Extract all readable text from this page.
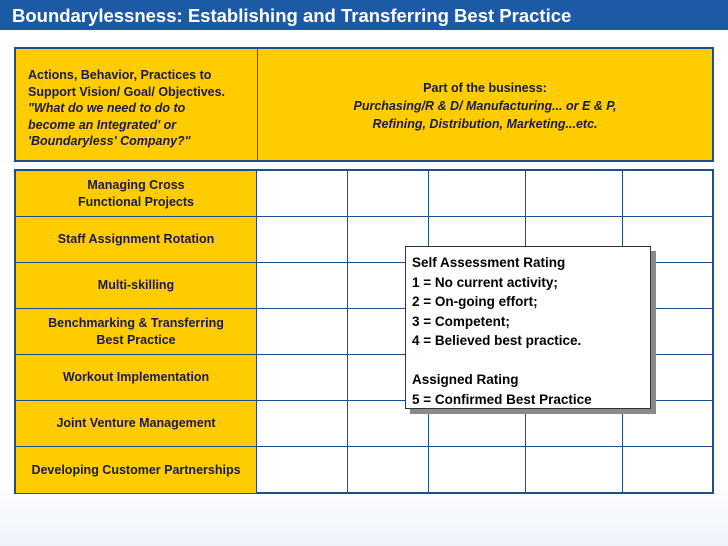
Boundarylessness: Establishing and Transferring Best Practice
Actions, Behavior, Practices to
Support Vision/ Goal/ Objectives.
"What do we need to do to
become an Integrated' or
'Boundaryless' Company?"
Part of the business:
Purchasing/R & D/ Manufacturing... or E & P,
Refining, Distribution, Marketing...etc.
Managing Cross
Functional Projects
Staff Assignment Rotation
Multi-skilling
Benchmarking & Transferring
Best Practice
Workout Implementation
Joint Venture Management
Developing Customer Partnerships
Self Assessment Rating
1 = No current activity;
2 = On-going effort;
3 = Competent;
4 = Believed best practice.
Assigned Rating
5 = Confirmed Best Practice
